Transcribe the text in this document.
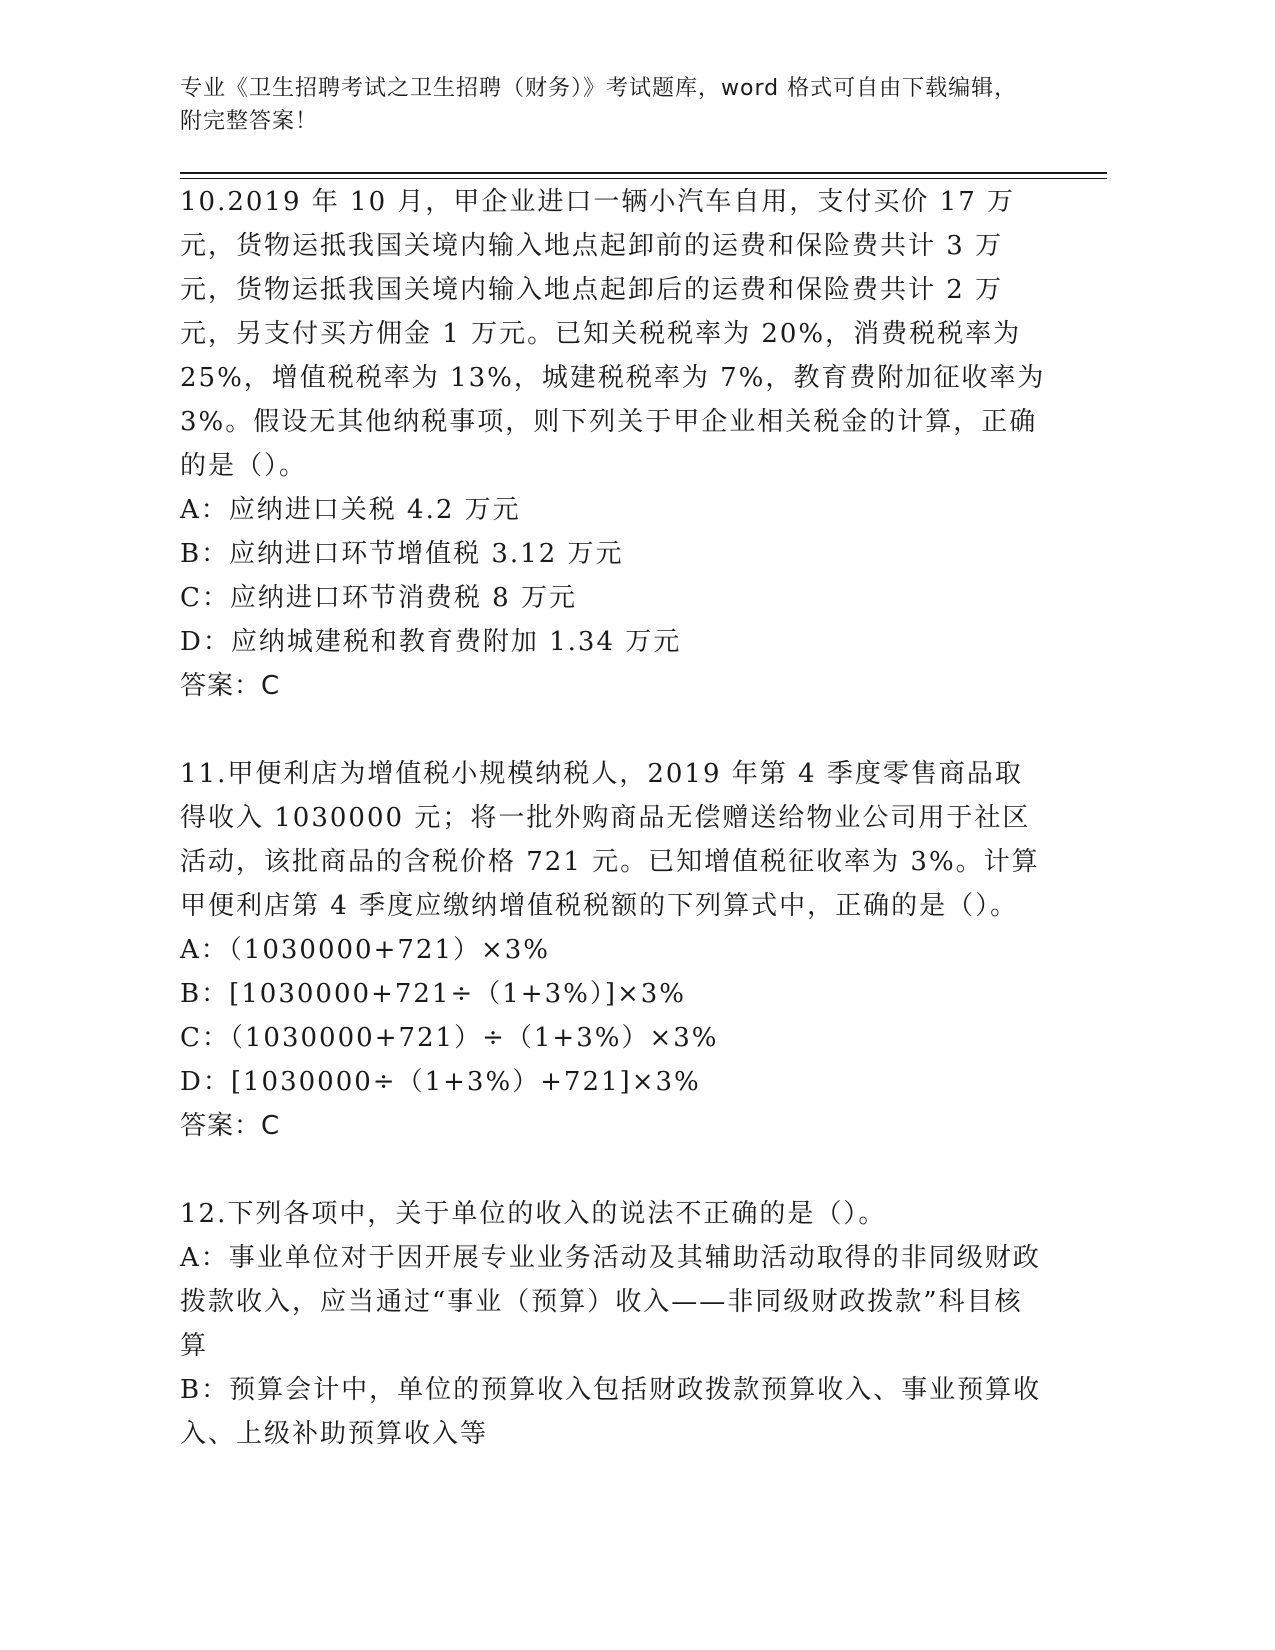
专业《卫生招聘考试之卫生招聘（财务）》考试题库，word 格式可自由下载编辑，附完整答案！
10.2019 年 10 月，甲企业进口一辆小汽车自用，支付买价 17 万元，货物运抵我国关境内输入地点起卸前的运费和保险费共计 3 万元，货物运抵我国关境内输入地点起卸后的运费和保险费共计 2 万元，另支付买方佣金 1 万元。已知关税税率为 20%，消费税税率为 25%，增值税税率为 13%，城建税税率为 7%，教育费附加征收率为 3%。假设无其他纳税事项，则下列关于甲企业相关税金的计算，正确的是（）。
A：应纳进口关税 4.2 万元
B：应纳进口环节增值税 3.12 万元
C：应纳进口环节消费税 8 万元
D：应纳城建税和教育费附加 1.34 万元
答案：C
11.甲便利店为增值税小规模纳税人，2019 年第 4 季度零售商品取得收入 1030000 元；将一批外购商品无偿赠送给物业公司用于社区活动，该批商品的含税价格 721 元。已知增值税征收率为 3%。计算甲便利店第 4 季度应缴纳增值税税额的下列算式中，正确的是（）。
A：（1030000+721）×3%
B：[1030000+721÷（1+3%）]×3%
C：（1030000+721）÷（1+3%）×3%
D：[1030000÷（1+3%）+721]×3%
答案：C
12.下列各项中，关于单位的收入的说法不正确的是（）。
A：事业单位对于因开展专业业务活动及其辅助活动取得的非同级财政拨款收入，应当通过“事业（预算）收入——非同级财政拨款”科目核算
B：预算会计中，单位的预算收入包括财政拨款预算收入、事业预算收入、上级补助预算收入等
